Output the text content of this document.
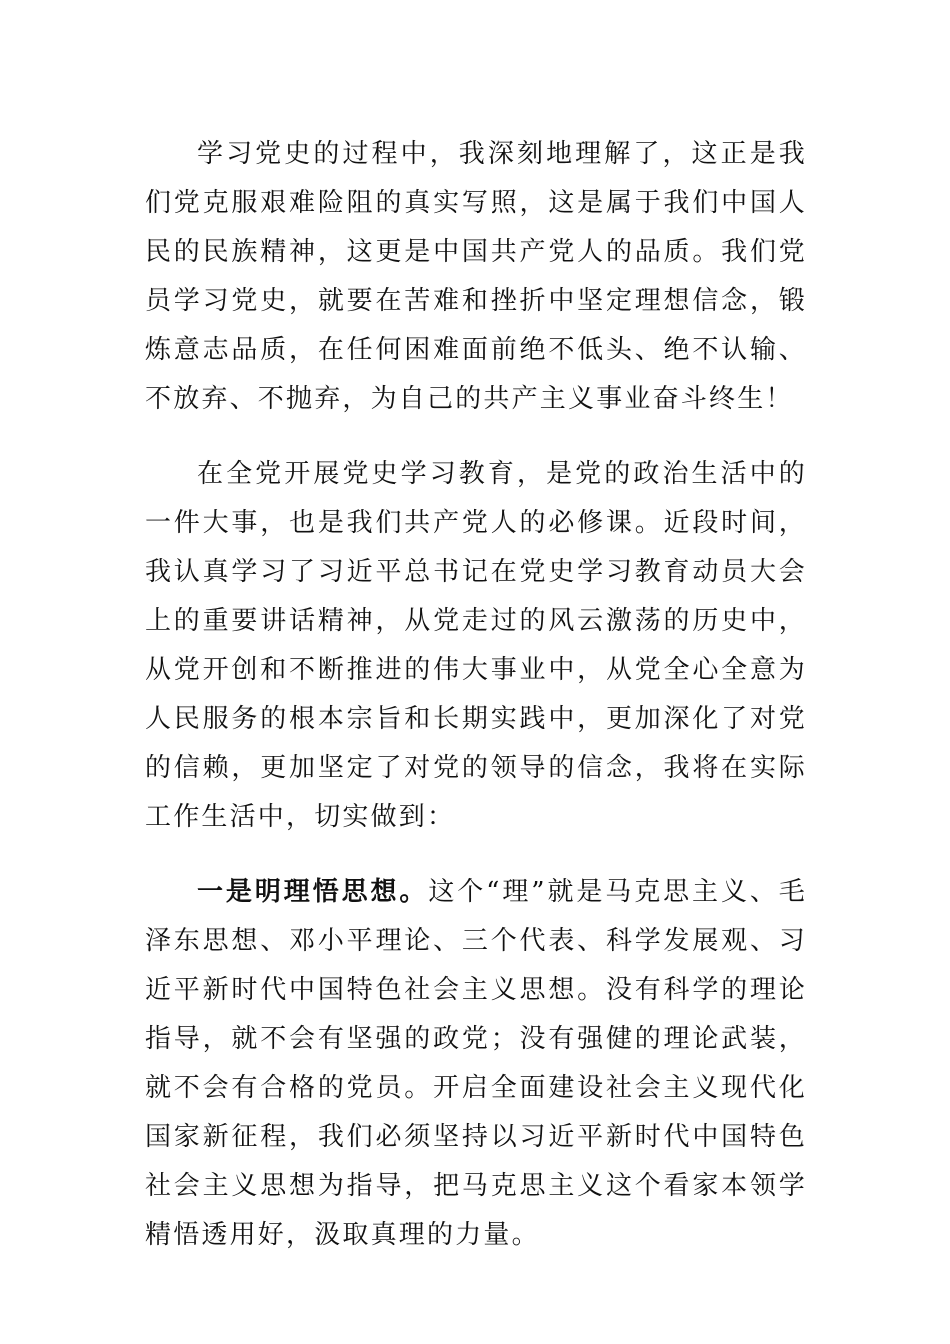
学习党史的过程中，我深刻地理解了，这正是我们党克服艰难险阻的真实写照，这是属于我们中国人民的民族精神，这更是中国共产党人的品质。我们党员学习党史，就要在苦难和挫折中坚定理想信念，锻炼意志品质，在任何困难面前绝不低头、绝不认输、不放弃、不抛弃，为自己的共产主义事业奋斗终生！

在全党开展党史学习教育，是党的政治生活中的一件大事，也是我们共产党人的必修课。近段时间，我认真学习了习近平总书记在党史学习教育动员大会上的重要讲话精神，从党走过的风云激荡的历史中，从党开创和不断推进的伟大事业中，从党全心全意为人民服务的根本宗旨和长期实践中，更加深化了对党的信赖，更加坚定了对党的领导的信念，我将在实际工作生活中，切实做到：

一是明理悟思想。这个“理”就是马克思主义、毛泽东思想、邓小平理论、三个代表、科学发展观、习近平新时代中国特色社会主义思想。没有科学的理论指导，就不会有坚强的政党；没有强健的理论武装，就不会有合格的党员。开启全面建设社会主义现代化国家新征程，我们必须坚持以习近平新时代中国特色社会主义思想为指导，把马克思主义这个看家本领学精悟透用好，汲取真理的力量。
